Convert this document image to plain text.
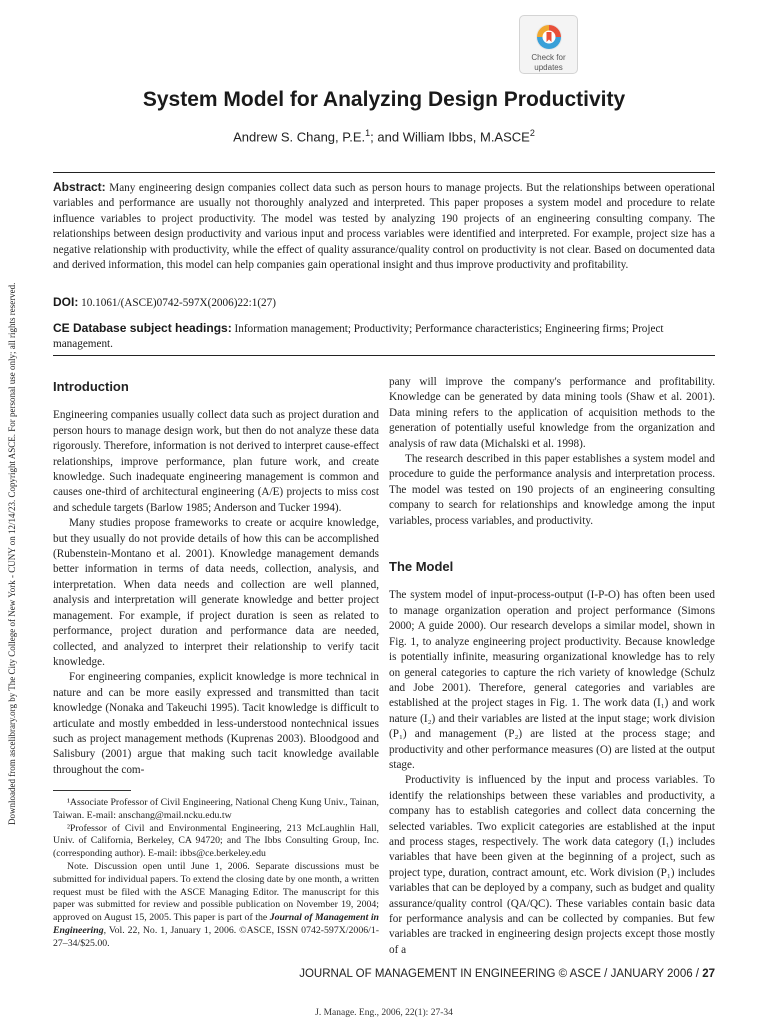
Downloaded from ascelibrary.org by The City College of New York - CUNY on 12/14/23. Copyright ASCE. For personal use only; all rights reserved.
Check for
updates
System Model for Analyzing Design Productivity
Andrew S. Chang, P.E.$^1$; and William Ibbs, M.ASCE$^2$
Abstract: Many engineering design companies collect data such as person hours to manage projects. But the relationships between operational variables and performance are usually not thoroughly analyzed and interpreted. This paper proposes a system model and procedure to relate influence variables to project productivity. The model was tested by analyzing 190 projects of an engineering consulting company. The relationships between design productivity and various input and process variables were identified and interpreted. For example, project size has a negative relationship with productivity, while the effect of quality assurance/quality control on productivity is not clear. Based on documented data and derived information, this model can help companies gain operational insight and thus improve productivity and profitability.
DOI: 10.1061/(ASCE)0742-597X(2006)22:1(27)
CE Database subject headings: Information management; Productivity; Performance characteristics; Engineering firms; Project management.
Introduction

Engineering companies usually collect data such as project duration and person hours to manage design work, but then do not analyze these data rigorously. Therefore, information is not derived to interpret cause-effect relationships, improve performance, plan future work, and create knowledge. Such inadequate engineering management is common and causes one-third of architectural engineering (A/E) projects to miss cost and schedule targets (Barlow 1985; Anderson and Tucker 1994).

Many studies propose frameworks to create or acquire knowledge, but they usually do not provide details of how this can be accomplished (Rubenstein-Montano et al. 2001). Knowledge management demands better information in terms of data needs, collection, analysis, and interpretation. When data needs and collection are well planned, analysis and interpretation will generate knowledge and better project management. For example, if project duration is seen as related to performance, project duration and performance data are needed, collected, and analyzed to interpret their relationship to verify tacit knowledge.

For engineering companies, explicit knowledge is more technical in nature and can be more easily expressed and transmitted than tacit knowledge (Nonaka and Takeuchi 1995). Tacit knowledge is difficult to articulate and mostly embedded in less-understood nontechnical issues such as project management methods (Kuprenas 2003). Bloodgood and Salisbury (2001) argue that making such tacit knowledge available throughout the com-

¹Associate Professor of Civil Engineering, National Cheng Kung Univ., Tainan, Taiwan. E-mail: anschang@mail.ncku.edu.tw

²Professor of Civil and Environmental Engineering, 213 McLaughlin Hall, Univ. of California, Berkeley, CA 94720; and The Ibbs Consulting Group, Inc. (corresponding author). E-mail: ibbs@ce.berkeley.edu

Note. Discussion open until June 1, 2006. Separate discussions must be submitted for individual papers. To extend the closing date by one month, a written request must be filed with the ASCE Managing Editor. The manuscript for this paper was submitted for review and possible publication on November 19, 2004; approved on August 15, 2005. This paper is part of the Journal of Management in Engineering, Vol. 22, No. 1, January 1, 2006. ©ASCE, ISSN 0742-597X/2006/1-27–34/$25.00.

pany will improve the company's performance and profitability. Knowledge can be generated by data mining tools (Shaw et al. 2001). Data mining refers to the application of acquisition methods to the generation of potentially useful knowledge from the organization and analysis of raw data (Michalski et al. 1998).

The research described in this paper establishes a system model and procedure to guide the performance analysis and interpretation process. The model was tested on 190 projects of an engineering consulting company to search for relationships and knowledge among the input variables, process variables, and productivity.

The Model

The system model of input-process-output (I-P-O) has often been used to manage organization operation and project performance (Simons 2000; A guide 2000). Our research develops a similar model, shown in Fig. 1, to analyze engineering project productivity. Because knowledge is potentially infinite, measuring organizational knowledge has to rely on general categories to capture the rich variety of knowledge (Schulz and Jobe 2001). Therefore, general categories and variables are established at the project stages in Fig. 1. The work data (I₁) and work nature (I₂) and their variables are listed at the input stage; work division (P₁) and management (P₂) are listed at the process stage; and productivity and other performance measures (O) are listed at the output stage.

Productivity is influenced by the input and process variables. To identify the relationships between these variables and productivity, a company has to establish categories and collect data concerning the selected variables. Two explicit categories are established at the input and process stages, respectively. The work data category (I₁) includes variables that have been given at the beginning of a project, such as project type, duration, contract amount, etc. Work division (P₁) includes variables that can be deployed by a company, such as budget and quality assurance/quality control (QA/QC). These variables contain basic data for performance analysis and can be collected by companies. But few variables are tracked in engineering design projects except those mostly of a

JOURNAL OF MANAGEMENT IN ENGINEERING © ASCE / JANUARY 2006 / 27
J. Manage. Eng., 2006, 22(1): 27-34
